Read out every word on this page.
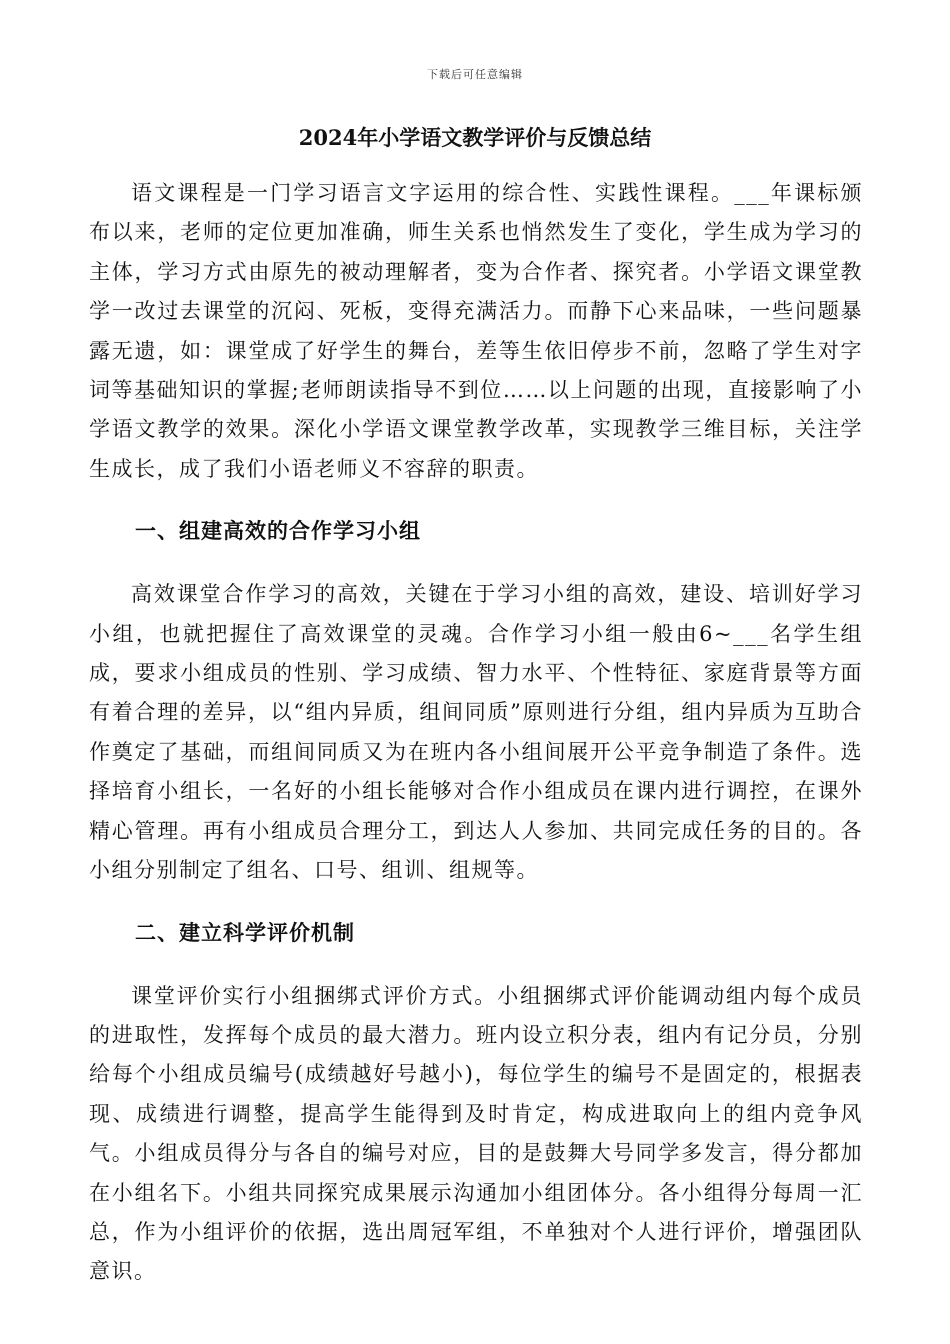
下载后可任意编辑
2024年小学语文教学评价与反馈总结

语文课程是一门学习语言文字运用的综合性、实践性课程。___年课标颁布以来，老师的定位更加准确，师生关系也悄然发生了变化，学生成为学习的主体，学习方式由原先的被动理解者，变为合作者、探究者。小学语文课堂教学一改过去课堂的沉闷、死板，变得充满活力。而静下心来品味，一些问题暴露无遗，如：课堂成了好学生的舞台，差等生依旧停步不前，忽略了学生对字词等基础知识的掌握;老师朗读指导不到位……以上问题的出现，直接影响了小学语文教学的效果。深化小学语文课堂教学改革，实现教学三维目标，关注学生成长，成了我们小语老师义不容辞的职责。

一、组建高效的合作学习小组

高效课堂合作学习的高效，关键在于学习小组的高效，建设、培训好学习小组，也就把握住了高效课堂的灵魂。合作学习小组一般由6~___名学生组成，要求小组成员的性别、学习成绩、智力水平、个性特征、家庭背景等方面有着合理的差异，以“组内异质，组间同质”原则进行分组，组内异质为互助合作奠定了基础，而组间同质又为在班内各小组间展开公平竞争制造了条件。选择培育小组长，一名好的小组长能够对合作小组成员在课内进行调控，在课外精心管理。再有小组成员合理分工，到达人人参加、共同完成任务的目的。各小组分别制定了组名、口号、组训、组规等。

二、建立科学评价机制

课堂评价实行小组捆绑式评价方式。小组捆绑式评价能调动组内每个成员的进取性，发挥每个成员的最大潜力。班内设立积分表，组内有记分员，分别给每个小组成员编号(成绩越好号越小)，每位学生的编号不是固定的，根据表现、成绩进行调整，提高学生能得到及时肯定，构成进取向上的组内竞争风气。小组成员得分与各自的编号对应，目的是鼓舞大号同学多发言，得分都加在小组名下。小组共同探究成果展示沟通加小组团体分。各小组得分每周一汇总，作为小组评价的依据，选出周冠军组，不单独对个人进行评价，增强团队意识。
